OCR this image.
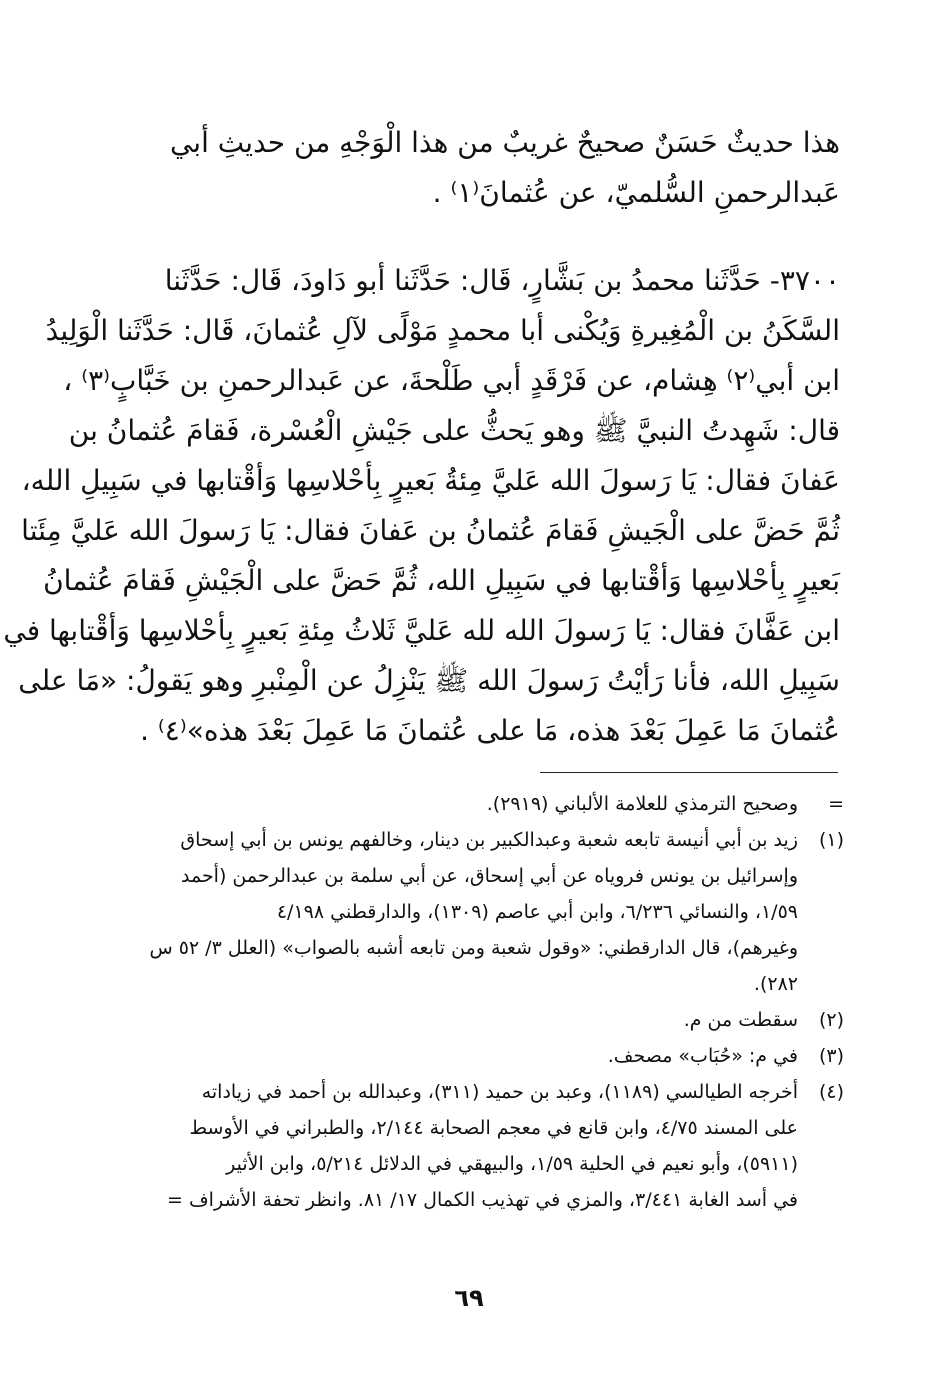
هذا حديثٌ حَسَنٌ صحيحٌ غريبٌ من هذا الْوَجْهِ من حديثِ أبي
عَبدالرحمنِ السُّلميّ، عن عُثمانَ⁽١⁾ .
٣٧٠٠- حَدَّثَنا محمدُ بن بَشَّارٍ، قَال: حَدَّثَنا أبو دَاودَ، قَال: حَدَّثَنا
السَّكَنُ بن الْمُغِيرةِ وَيُكْنى أبا محمدٍ مَوْلًى لآلِ عُثمانَ، قَال: حَدَّثَنا الْوَلِيدُ
ابن أبي⁽٢⁾ هِشام، عن فَرْقَدٍ أبي طَلْحةَ، عن عَبدالرحمنِ بن خَبَّابٍ⁽٣⁾ ،
قال: شَهِدتُ النبيَّ ﷺ وهو يَحثُّ على جَيْشِ الْعُسْرة، فَقامَ عُثمانُ بن
عَفانَ فقال: يَا رَسولَ الله عَليَّ مِئةُ بَعيرٍ بِأحْلاسِها وَأقْتابها في سَبِيلِ الله،
ثُمَّ حَضَّ على الْجَيشِ فَقامَ عُثمانُ بن عَفانَ فقال: يَا رَسولَ الله عَليَّ مِئَتا
بَعيرٍ بِأحْلاسِها وَأقْتابها في سَبِيلِ الله، ثُمَّ حَضَّ على الْجَيْشِ فَقامَ عُثمانُ
ابن عَفَّانَ فقال: يَا رَسولَ الله لله عَليَّ ثَلاثُ مِئةِ بَعيرٍ بِأحْلاسِها وَأقْتابها في
سَبِيلِ الله، فأنا رَأيْتُ رَسولَ الله ﷺ يَنْزِلُ عن الْمِنْبرِ وهو يَقولُ: «مَا على
عُثمانَ مَا عَمِلَ بَعْدَ هذه، مَا على عُثمانَ مَا عَمِلَ بَعْدَ هذه»⁽٤⁾ .
=
وصحيح الترمذي للعلامة الألباني (٢٩١٩).
(١)
زيد بن أبي أنيسة تابعه شعبة وعبدالكبير بن دينار، وخالفهم يونس بن أبي إسحاق
وإسرائيل بن يونس فروياه عن أبي إسحاق، عن أبي سلمة بن عبدالرحمن (أحمد
١/٥٩، والنسائي ٦/٢٣٦، وابن أبي عاصم (١٣٠٩)، والدارقطني ٤/١٩٨
وغيرهم)، قال الدارقطني: «وقول شعبة ومن تابعه أشبه بالصواب» (العلل ٣/ ٥٢ س
٢٨٢).
(٢)
سقطت من م.
(٣)
في م: «حُبَاب» مصحف.
(٤)
أخرجه الطيالسي (١١٨٩)، وعبد بن حميد (٣١١)، وعبدالله بن أحمد في زياداته
على المسند ٤/٧٥، وابن قانع في معجم الصحابة ٢/١٤٤، والطبراني في الأوسط
(٥٩١١)، وأبو نعيم في الحلية ١/٥٩، والبيهقي في الدلائل ٥/٢١٤، وابن الأثير
في أسد الغابة ٣/٤٤١، والمزي في تهذيب الكمال ١٧/ ٨١. وانظر تحفة الأشراف =
٦٩
